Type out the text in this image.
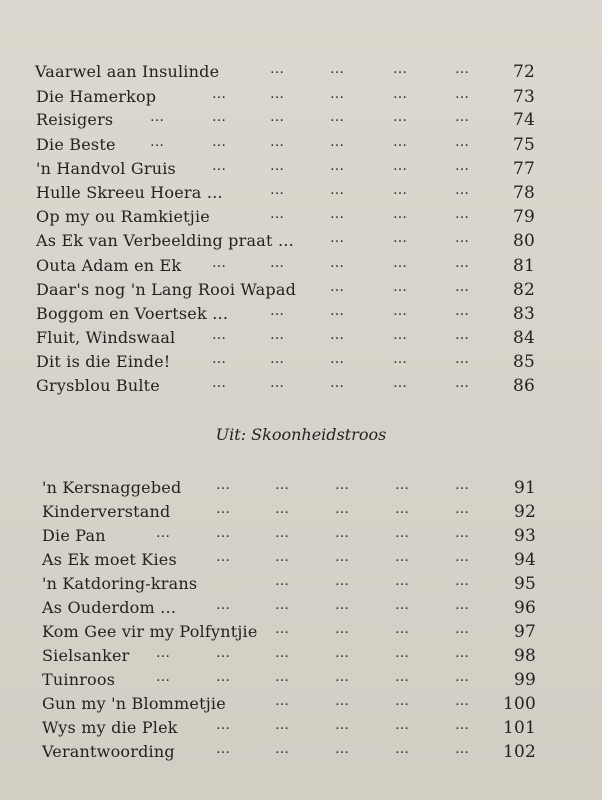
Vaarwel aan Insulinde	…	…	…	…	72
Die Hamerkop	…	…	…	…	…	73
Reisigers	…	…	…	…	…	…	74
Die Beste …	…	…	…	…	…	75
'n Handvol Gruis	…	…	…	…	…	77
Hulle Skreeu Hoera …	…	…	…	…	78
Op my ou Ramkietjie	…	…	…	…	79
As Ek van Verbeelding praat …	…	…	…	80
Outa Adam en Ek …	…	…	…	…	81
Daar's nog 'n Lang Rooi Wapad …	…	…	82
Boggom en Voertsek …	…	…	…	…	83
Fluit, Windswaal	…	…	…	…	…	84
Dit is die Einde!	…	…	…	…	…	85
Grysblou Bulte	…	…	…	…	…	86
Uit: Skoonheidstroos
'n Kersnaggebed …	…	…	…	…	91
Kinderverstand	…	…	…	…	…	92
Die Pan	…	…	…	…	…	…	93
As Ek moet Kies	…	…	…	…	…	94
'n Katdoring-krans	…	…	…	…	95
As Ouderdom …	…	…	…	…	…	96
Kom Gee vir my Polfyntjie …	…	…	…	97
Sielsanker …	…	…	…	…	…	98
Tuinroos	…	…	…	…	…	…	99
Gun my 'n Blommetjie	…	…	…	…	100
Wys my die Plek	…	…	…	…	…	101
Verantwoording	…	…	…	…	…	102
